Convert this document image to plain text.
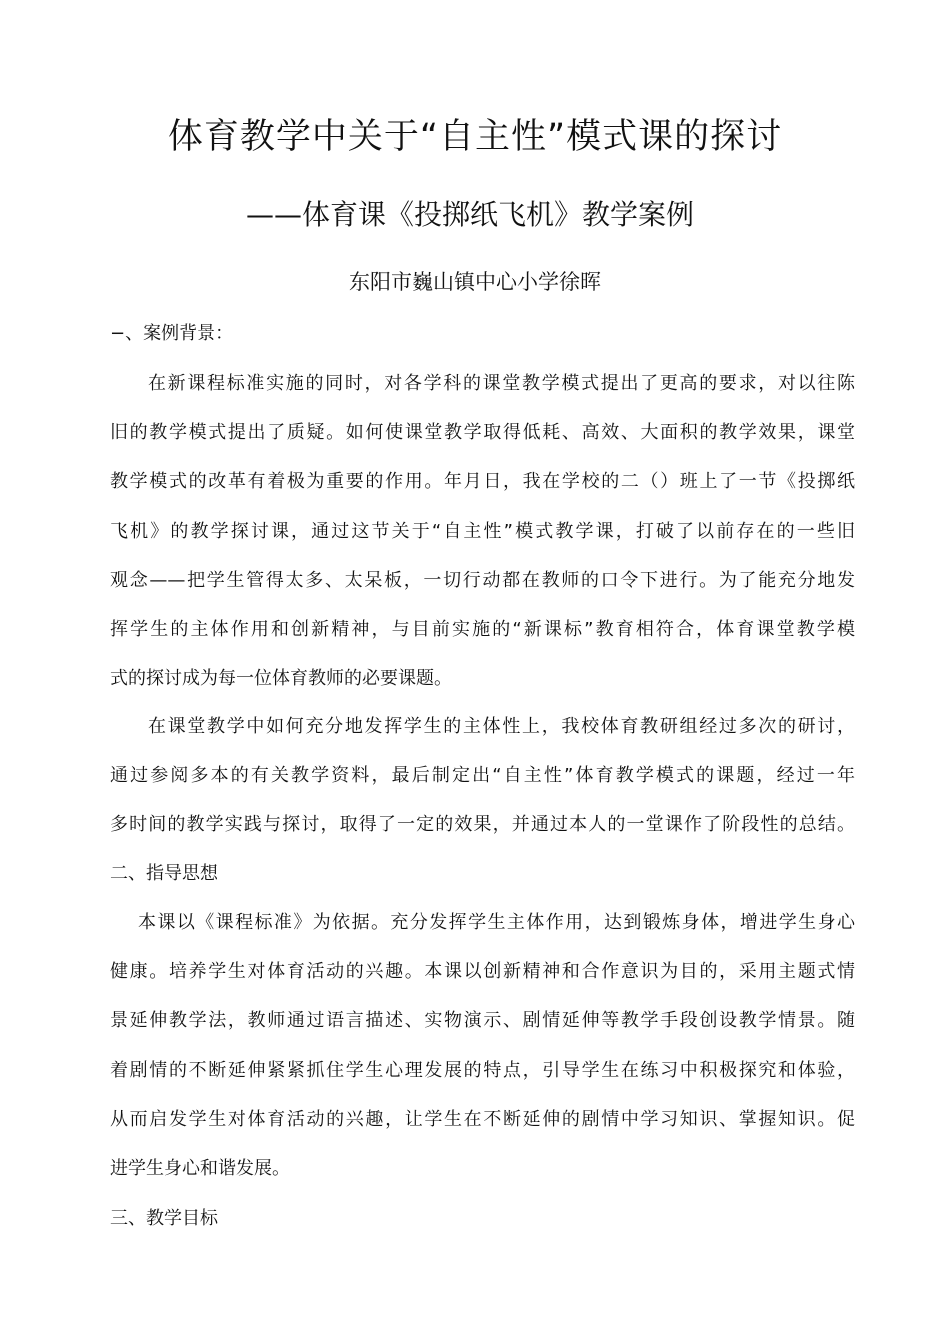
体育教学中关于“自主性”模式课的探讨
——体育课《投掷纸飞机》教学案例
东阳市巍山镇中心小学徐晖
−、案例背景：
在新课程标准实施的同时，对各学科的课堂教学模式提出了更高的要求，对以往陈
旧的教学模式提出了质疑。如何使课堂教学取得低耗、高效、大面积的教学效果，课堂
教学模式的改革有着极为重要的作用。年月日，我在学校的二（）班上了一节《投掷纸
飞机》的教学探讨课，通过这节关于“自主性”模式教学课，打破了以前存在的一些旧
观念——把学生管得太多、太呆板，一切行动都在教师的口令下进行。为了能充分地发
挥学生的主体作用和创新精神，与目前实施的“新课标”教育相符合，体育课堂教学模
式的探讨成为每一位体育教师的必要课题。
在课堂教学中如何充分地发挥学生的主体性上，我校体育教研组经过多次的研讨，
通过参阅多本的有关教学资料，最后制定出“自主性”体育教学模式的课题，经过一年
多时间的教学实践与探讨，取得了一定的效果，并通过本人的一堂课作了阶段性的总结。
二、指导思想
本课以《课程标准》为依据。充分发挥学生主体作用，达到锻炼身体，增进学生身心
健康。培养学生对体育活动的兴趣。本课以创新精神和合作意识为目的，采用主题式情
景延伸教学法，教师通过语言描述、实物演示、剧情延伸等教学手段创设教学情景。随
着剧情的不断延伸紧紧抓住学生心理发展的特点，引导学生在练习中积极探究和体验，
从而启发学生对体育活动的兴趣，让学生在不断延伸的剧情中学习知识、掌握知识。促
进学生身心和谐发展。
三、教学目标
